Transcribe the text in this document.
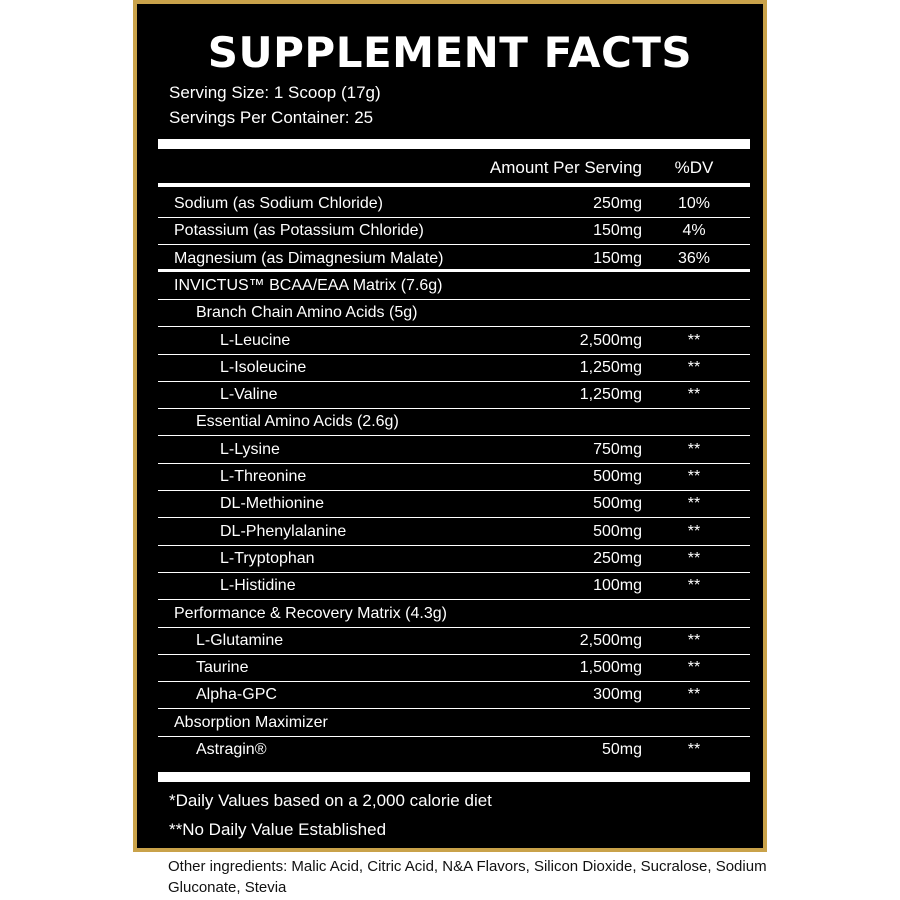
SUPPLEMENT FACTS
Serving Size: 1 Scoop (17g)
Servings Per Container: 25
Amount Per Serving	%DV
Sodium (as Sodium Chloride)	250mg	10%
Potassium (as Potassium Chloride)	150mg	4%
Magnesium (as Dimagnesium Malate)	150mg	36%
INVICTUS™ BCAA/EAA Matrix (7.6g)
Branch Chain Amino Acids (5g)
L-Leucine	2,500mg	**
L-Isoleucine	1,250mg	**
L-Valine	1,250mg	**
Essential Amino Acids (2.6g)
L-Lysine	750mg	**
L-Threonine	500mg	**
DL-Methionine	500mg	**
DL-Phenylalanine	500mg	**
L-Tryptophan	250mg	**
L-Histidine	100mg	**
Performance & Recovery Matrix (4.3g)
L-Glutamine	2,500mg	**
Taurine	1,500mg	**
Alpha-GPC	300mg	**
Absorption Maximizer
Astragin®	50mg	**
*Daily Values based on a 2,000 calorie diet
**No Daily Value Established
Other ingredients: Malic Acid, Citric Acid, N&A Flavors, Silicon Dioxide, Sucralose, Sodium Gluconate, Stevia
